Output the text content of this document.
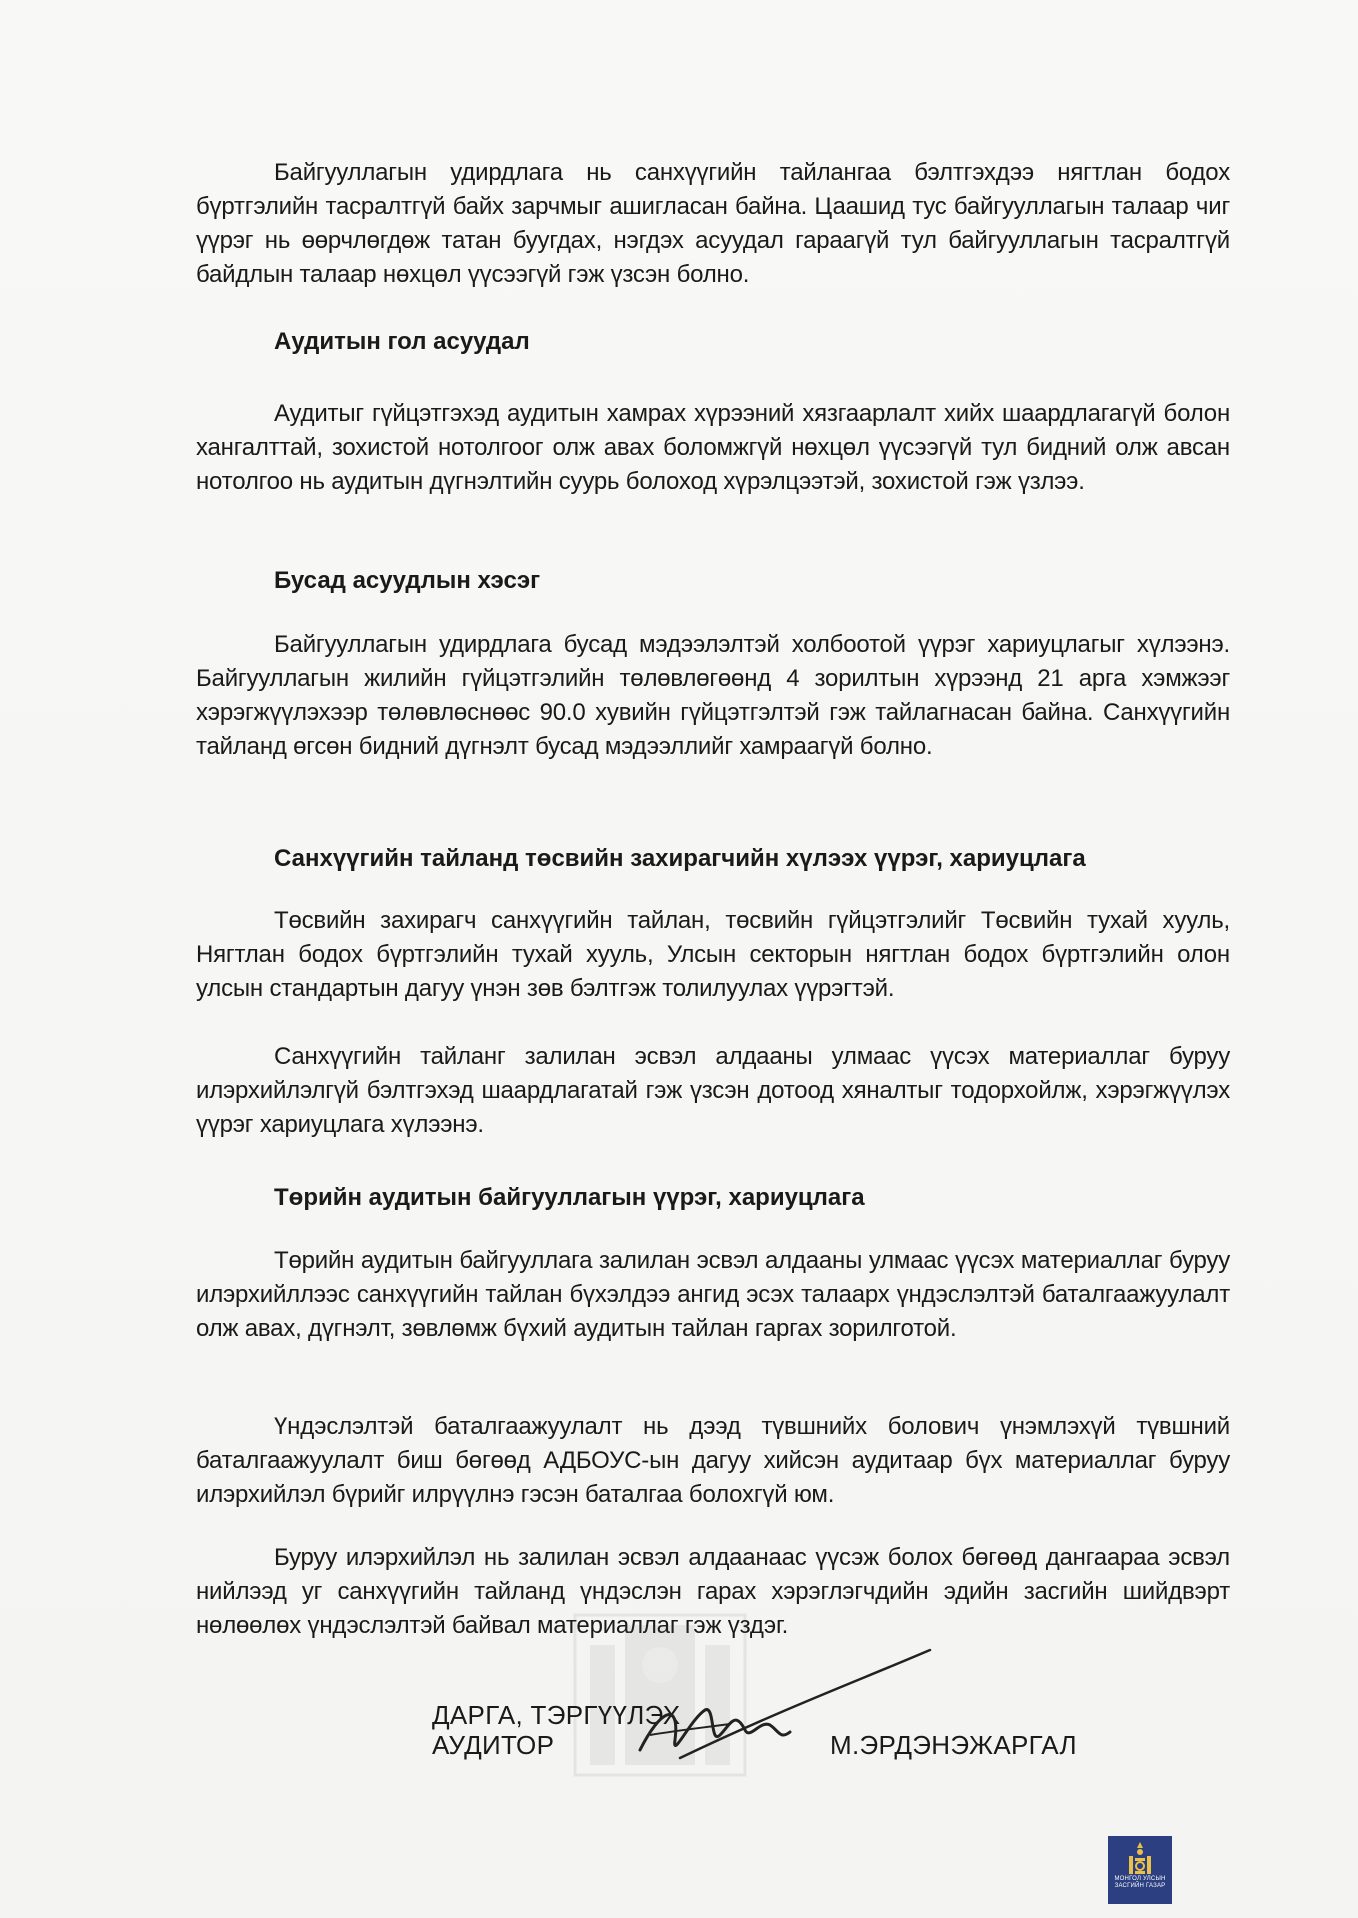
Байгууллагын удирдлага нь санхүүгийн тайлангаа бэлтгэхдээ нягтлан бодох бүртгэлийн тасралтгүй байх зарчмыг ашигласан байна. Цаашид тус байгууллагын талаар чиг үүрэг нь өөрчлөгдөж татан буугдах, нэгдэх асуудал гараагүй тул байгууллагын тасралтгүй байдлын талаар нөхцөл үүсээгүй гэж үзсэн болно.

Аудитын гол асуудал

Аудитыг гүйцэтгэхэд аудитын хамрах хүрээний хязгаарлалт хийх шаардлагагүй болон хангалттай, зохистой нотолгоог олж авах боломжгүй нөхцөл үүсээгүй тул бидний олж авсан нотолгоо нь аудитын дүгнэлтийн суурь болоход хүрэлцээтэй, зохистой гэж үзлээ.

Бусад асуудлын хэсэг

Байгууллагын удирдлага бусад мэдээлэлтэй холбоотой үүрэг хариуцлагыг хүлээнэ. Байгууллагын жилийн гүйцэтгэлийн төлөвлөгөөнд 4 зорилтын хүрээнд 21 арга хэмжээг хэрэгжүүлэхээр төлөвлөснөөс 90.0 хувийн гүйцэтгэлтэй гэж тайлагнасан байна. Санхүүгийн тайланд өгсөн бидний дүгнэлт бусад мэдээллийг хамраагүй болно.

Санхүүгийн тайланд төсвийн захирагчийн хүлээх үүрэг, хариуцлага

Төсвийн захирагч санхүүгийн тайлан, төсвийн гүйцэтгэлийг Төсвийн тухай хууль, Нягтлан бодох бүртгэлийн тухай хууль, Улсын секторын нягтлан бодох бүртгэлийн олон улсын стандартын дагуу үнэн зөв бэлтгэж толилуулах үүрэгтэй.

Санхүүгийн тайланг залилан эсвэл алдааны улмаас үүсэх материаллаг буруу илэрхийлэлгүй бэлтгэхэд шаардлагатай гэж үзсэн дотоод хяналтыг тодорхойлж, хэрэгжүүлэх үүрэг хариуцлага хүлээнэ.

Төрийн аудитын байгууллагын үүрэг, хариуцлага

Төрийн аудитын байгууллага залилан эсвэл алдааны улмаас үүсэх материаллаг буруу илэрхийллээс санхүүгийн тайлан бүхэлдээ ангид эсэх талаарх үндэслэлтэй баталгаажуулалт олж авах, дүгнэлт, зөвлөмж бүхий аудитын тайлан гаргах зорилготой.

Үндэслэлтэй баталгаажуулалт нь дээд түвшнийх болович үнэмлэхүй түвшний баталгаажуулалт биш бөгөөд АДБОУС-ын дагуу хийсэн аудитаар бүх материаллаг буруу илэрхийлэл бүрийг илрүүлнэ гэсэн баталгаа болохгүй юм.

Буруу илэрхийлэл нь залилан эсвэл алдаанаас үүсэж болох бөгөөд дангаараа эсвэл нийлээд уг санхүүгийн тайланд үндэслэн гарах хэрэглэгчдийн эдийн засгийн шийдвэрт нөлөөлөх үндэслэлтэй байвал материаллаг гэж үздэг.

ДАРГА, ТЭРГҮҮЛЭХ
АУДИТОР	М.ЭРДЭНЭЖАРГАЛ
МОНГОЛ УЛСЫН
ЗАСГИЙН ГАЗАР
